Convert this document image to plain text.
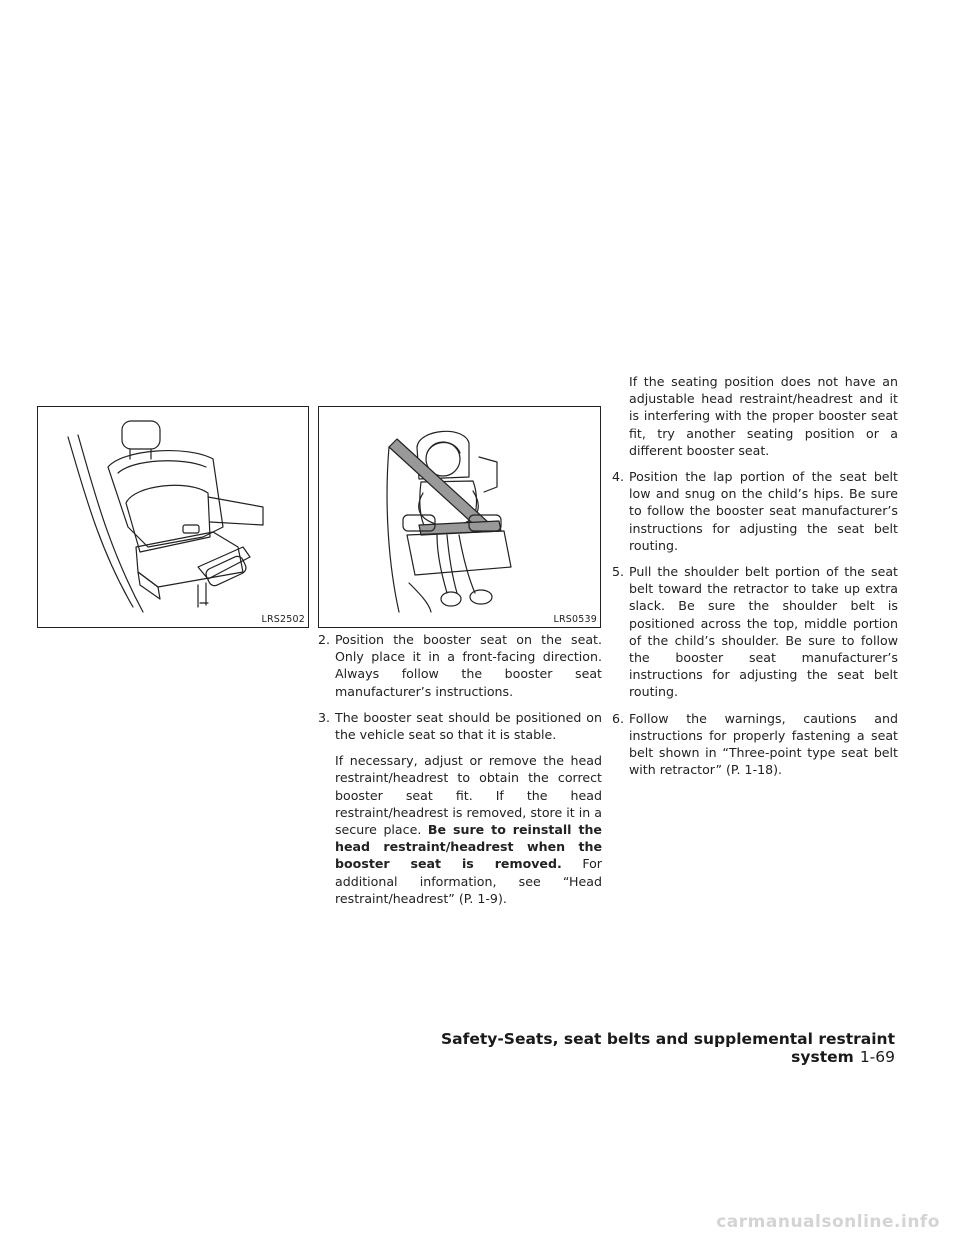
LRS2502	LRS0539
2. Position the booster seat on the seat. Only place it in a front-facing direction. Always follow the booster seat manufacturer’s instructions.
3. The booster seat should be positioned on the vehicle seat so that it is stable.

If necessary, adjust or remove the head restraint/headrest to obtain the correct booster seat fit. If the head restraint/headrest is removed, store it in a secure place. Be sure to reinstall the head restraint/headrest when the booster seat is removed. For additional information, see “Head restraint/headrest” (P. 1-9).

If the seating position does not have an adjustable head restraint/headrest and it is interfering with the proper booster seat fit, try another seating position or a different booster seat.

4. Position the lap portion of the seat belt low and snug on the child’s hips. Be sure to follow the booster seat manufacturer’s instructions for adjusting the seat belt routing.
5. Pull the shoulder belt portion of the seat belt toward the retractor to take up extra slack. Be sure the shoulder belt is positioned across the top, middle portion of the child’s shoulder. Be sure to follow the booster seat manufacturer’s instructions for adjusting the seat belt routing.
6. Follow the warnings, cautions and instructions for properly fastening a seat belt shown in “Three-point type seat belt with retractor” (P. 1-18).
Safety-Seats, seat belts and supplemental restraint system 1-69
carmanualsonline.info
